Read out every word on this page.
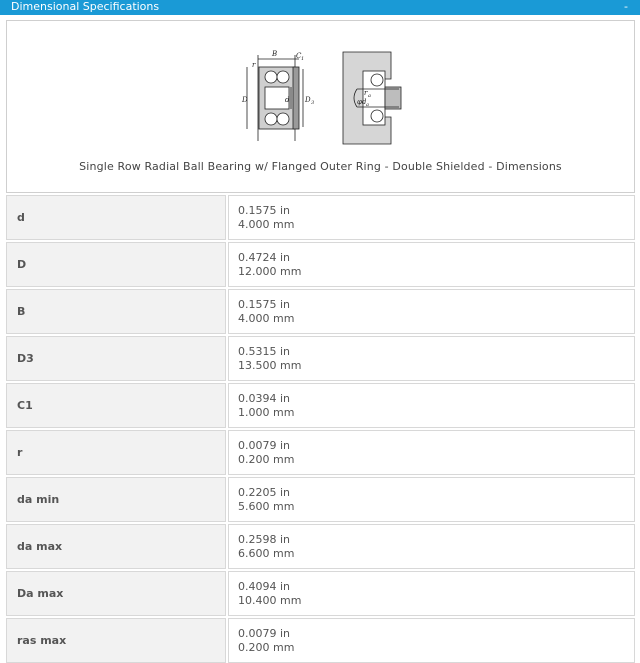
Dimensional Specifications	-
B	C 1
r
D	d D 3	φd a
r a
Single Row Radial Ball Bearing w/ Flanged Outer Ring - Double Shielded - Dimensions
d
0.1575 in
4.000 mm
D
0.4724 in
12.000 mm
B
0.1575 in
4.000 mm
D3
0.5315 in
13.500 mm
C1
0.0394 in
1.000 mm
r
0.0079 in
0.200 mm
da min
0.2205 in
5.600 mm
da max
0.2598 in
6.600 mm
Da max
0.4094 in
10.400 mm
ras max
0.0079 in
0.200 mm
